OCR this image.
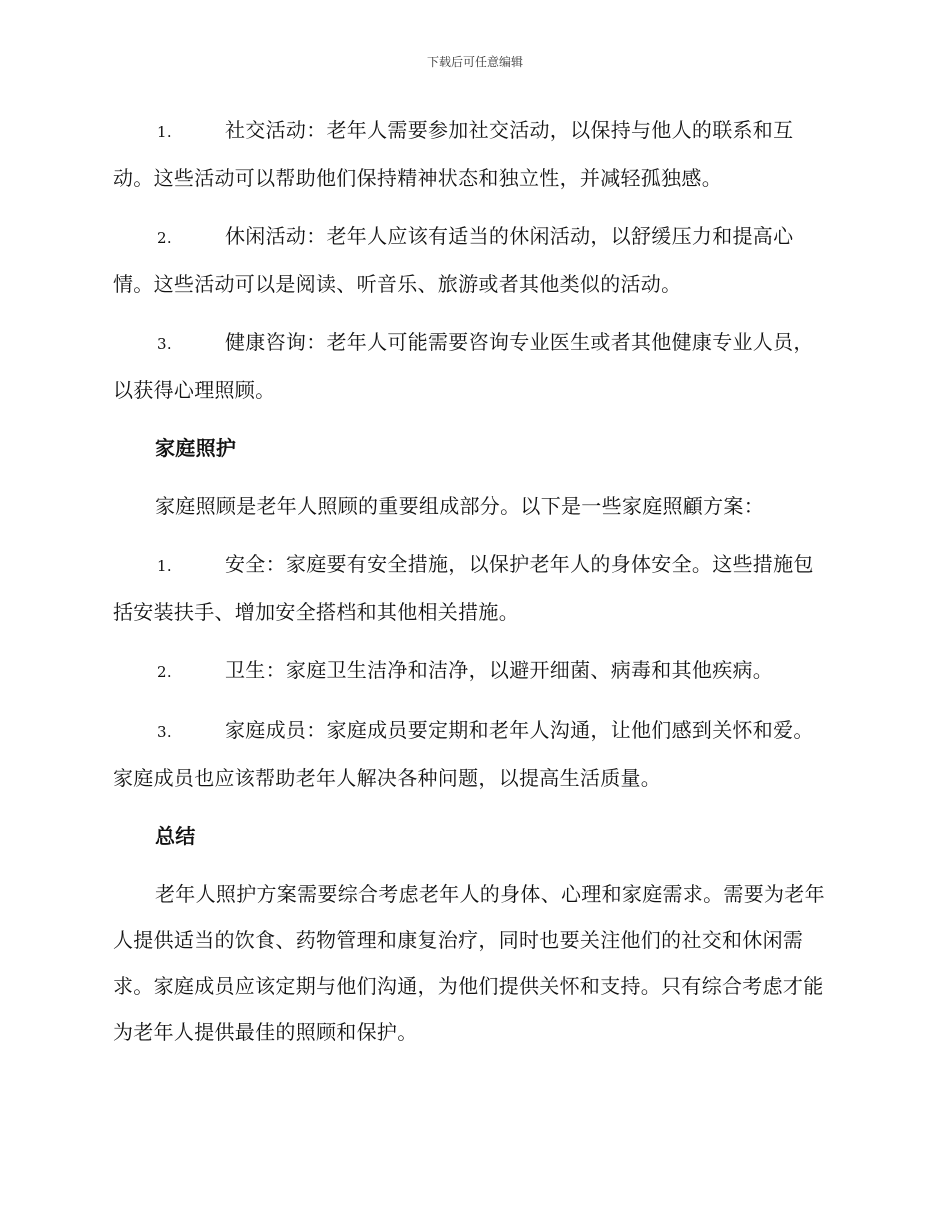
下载后可任意编辑

1.	社交活动：老年人需要参加社交活动，以保持与他人的联系和互动。这些活动可以帮助他们保持精神状态和独立性，并减轻孤独感。

2.	休闲活动：老年人应该有适当的休闲活动，以舒缓压力和提高心情。这些活动可以是阅读、听音乐、旅游或者其他类似的活动。

3.	健康咨询：老年人可能需要咨询专业医生或者其他健康专业人员，以获得心理照顾。

家庭照护

家庭照顾是老年人照顾的重要组成部分。以下是一些家庭照顧方案：

1.	安全：家庭要有安全措施，以保护老年人的身体安全。这些措施包括安装扶手、增加安全搭档和其他相关措施。

2.	卫生：家庭卫生洁净和洁净，以避开细菌、病毒和其他疾病。

3.	家庭成员：家庭成员要定期和老年人沟通，让他们感到关怀和爱。家庭成员也应该帮助老年人解决各种问题，以提高生活质量。

总结

老年人照护方案需要综合考虑老年人的身体、心理和家庭需求。需要为老年人提供适当的饮食、药物管理和康复治疗，同时也要关注他们的社交和休闲需求。家庭成员应该定期与他们沟通，为他们提供关怀和支持。只有综合考虑才能为老年人提供最佳的照顾和保护。
